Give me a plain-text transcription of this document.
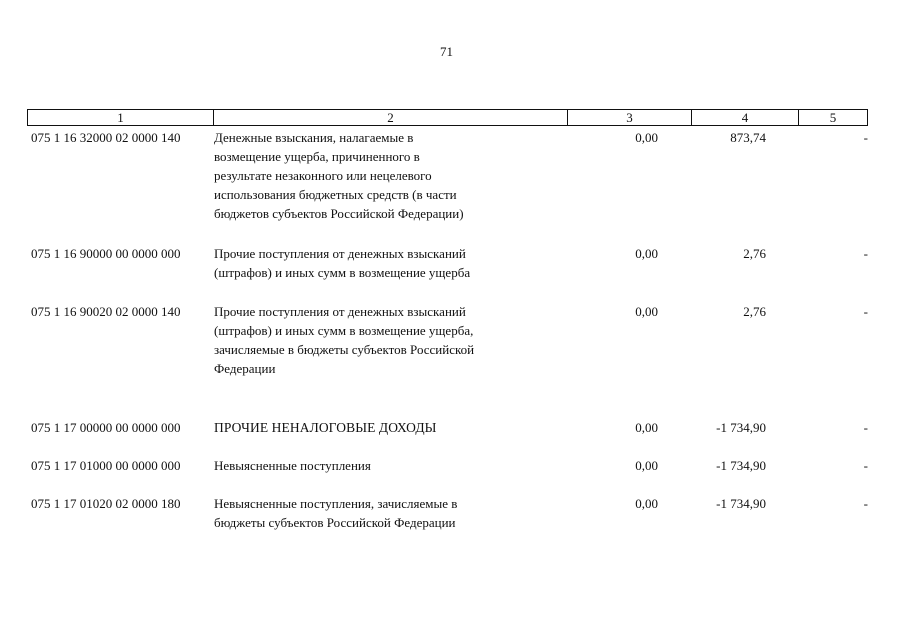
71
1	2	3	4	5
075 1 16 32000 02 0000 140	Денежные взыскания, налагаемые в
возмещение ущерба, причиненного в
результате незаконного или нецелевого
использования бюджетных средств (в части
бюджетов субъектов Российской Федерации)
0,00	873,74	-
075 1 16 90000 00 0000 000	Прочие поступления от денежных взысканий
(штрафов) и иных сумм в возмещение ущерба
0,00	2,76	-
075 1 16 90020 02 0000 140	Прочие поступления от денежных взысканий
(штрафов) и иных сумм в возмещение ущерба,
зачисляемые в бюджеты субъектов Российской
Федерации
0,00	2,76	-
075 1 17 00000 00 0000 000 ПРОЧИЕ НЕНАЛОГОВЫЕ ДОХОДЫ	0,00	-1 734,90	-
075 1 17 01000 00 0000 000	Невыясненные поступления	0,00	-1 734,90	-
075 1 17 01020 02 0000 180	Невыясненные поступления, зачисляемые в
бюджеты субъектов Российской Федерации
0,00	-1 734,90	-
